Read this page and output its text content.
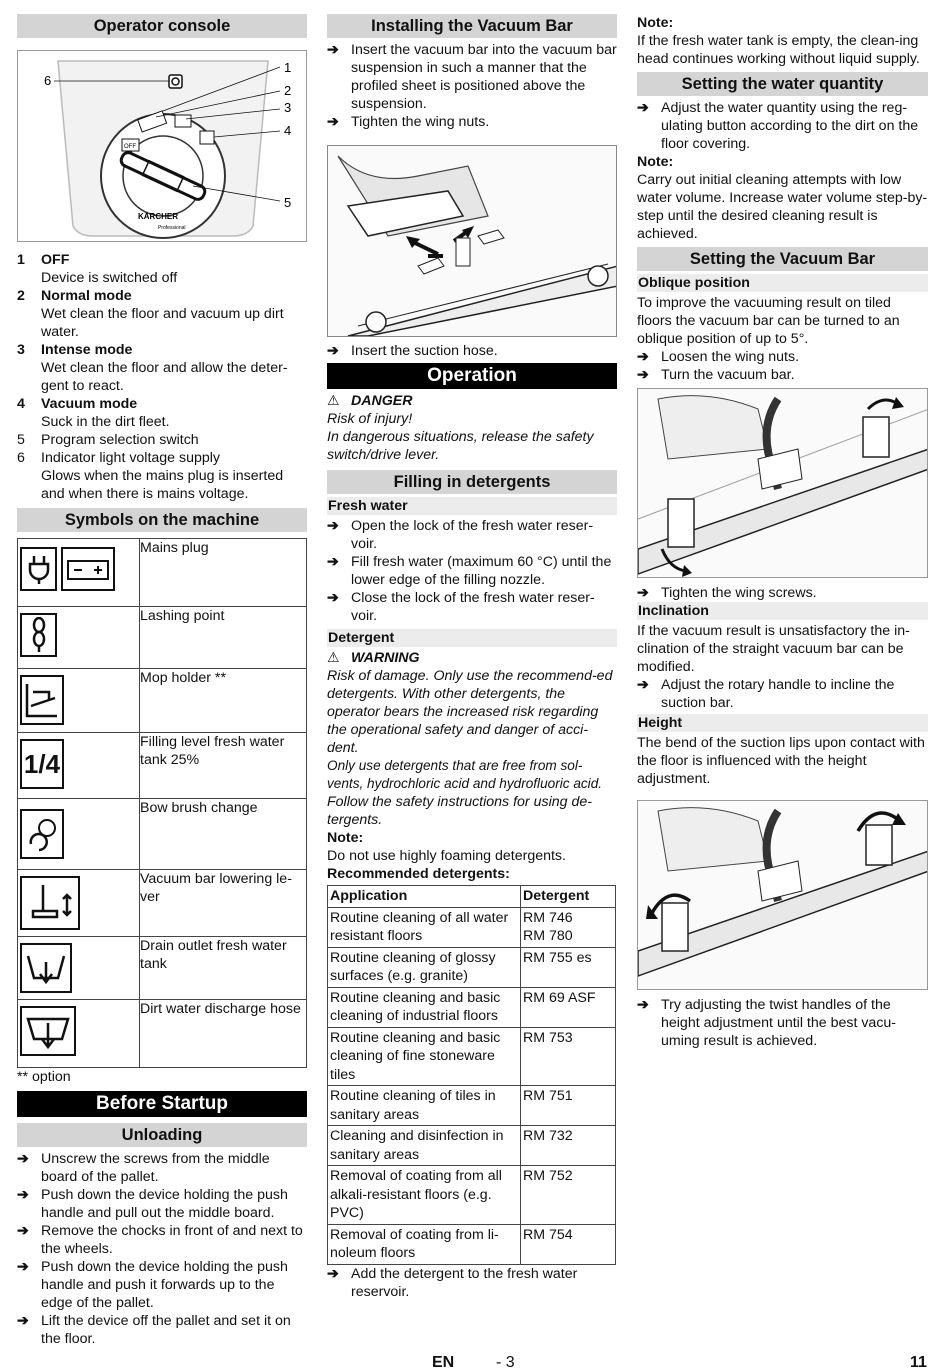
Operator console
OFF
KÄRCHER
Professional
6
1
2
3
4
5
1	OFF
Device is switched off
2	Normal mode
Wet clean the floor and vacuum up dirt water.
3	Intense mode
Wet clean the floor and allow the deter-gent to react.
4	Vacuum mode
Suck in the dirt fleet.
5	Program selection switch
6	Indicator light voltage supply
Glows when the mains plug is inserted and when there is mains voltage.
Symbols on the machine
	Mains plug

	Lashing point

	Mop holder **

1/4	Filling level fresh water tank 25%

	Bow brush change

	Vacuum bar lowering le-ver

	Drain outlet fresh water tank

	Dirt water discharge hose
** option
Before Startup
Unloading
➔ Unscrew the screws from the middle board of the pallet.
➔ Push down the device holding the push handle and pull out the middle board.
➔ Remove the chocks in front of and next to the wheels.
➔ Push down the device holding the push handle and push it forwards up to the edge of the pallet.
➔ Lift the device off the pallet and set it on the floor.
Installing the Vacuum Bar
➔ Insert the vacuum bar into the vacuum bar suspension in such a manner that the profiled sheet is positioned above the suspension.
➔ Tighten the wing nuts.
➔ Insert the suction hose.
Operation
⚠ DANGER
Risk of injury!
In dangerous situations, release the safety switch/drive lever.
Filling in detergents
Fresh water
➔ Open the lock of the fresh water reser-voir.
➔ Fill fresh water (maximum 60 °C) until the lower edge of the filling nozzle.
➔ Close the lock of the fresh water reser-voir.
Detergent
⚠ WARNING
Risk of damage. Only use the recommend-ed detergents. With other detergents, the operator bears the increased risk regarding the operational safety and danger of acci-dent.
Only use detergents that are free from sol-vents, hydrochloric acid and hydrofluoric acid.
Follow the safety instructions for using de-tergents.
Note:
Do not use highly foaming detergents.
Recommended detergents:
Application	Detergent
Routine cleaning of all water resistant floors	RM 746
RM 780
Routine cleaning of glossy surfaces (e.g. granite)	RM 755 es
Routine cleaning and basic cleaning of industrial floors	RM 69 ASF
Routine cleaning and basic cleaning of fine stoneware tiles	RM 753
Routine cleaning of tiles in sanitary areas	RM 751
Cleaning and disinfection in sanitary areas	RM 732
Removal of coating from all alkali-resistant floors (e.g. PVC)	RM 752
Removal of coating from li-noleum floors	RM 754
➔ Add the detergent to the fresh water reservoir.
Note:
If the fresh water tank is empty, the clean-ing head continues working without liquid supply.
Setting the water quantity
➔ Adjust the water quantity using the reg-ulating button according to the dirt on the floor covering.
Note:
Carry out initial cleaning attempts with low water volume. Increase water volume step-by-step until the desired cleaning result is achieved.
Setting the Vacuum Bar
Oblique position
To improve the vacuuming result on tiled floors the vacuum bar can be turned to an oblique position of up to 5°.
➔ Loosen the wing nuts.
➔ Turn the vacuum bar.
➔ Tighten the wing screws.
Inclination
If the vacuum result is unsatisfactory the in-clination of the straight vacuum bar can be modified.
➔ Adjust the rotary handle to incline the suction bar.
Height
The bend of the suction lips upon contact with the floor is influenced with the height adjustment.
➔ Try adjusting the twist handles of the height adjustment until the best vacu-uming result is achieved.
EN	- 3	11
